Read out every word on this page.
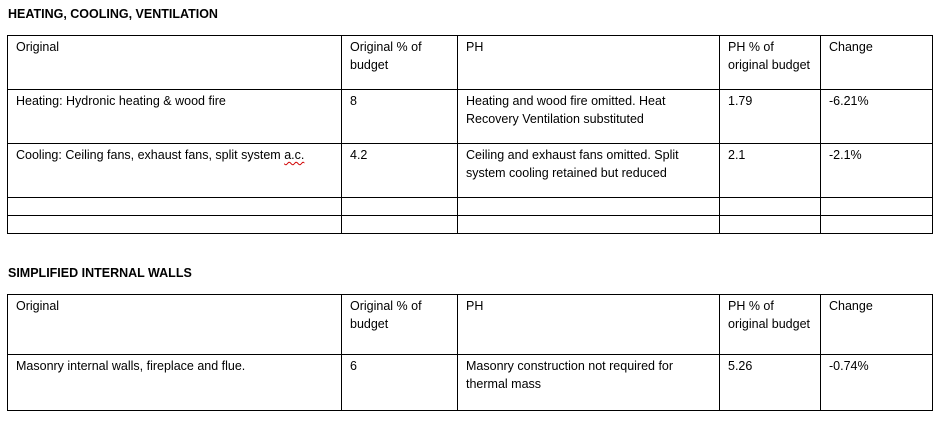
HEATING, COOLING, VENTILATION
Original	Original % of budget	PH	PH % of original budget	Change
Heating: Hydronic heating & wood fire	8	Heating and wood fire omitted. Heat Recovery Ventilation substituted	1.79	-6.21%
Cooling: Ceiling fans, exhaust fans, split system a.c.	4.2	Ceiling and exhaust fans omitted. Split system cooling retained but reduced	2.1	-2.1%

SIMPLIFIED INTERNAL WALLS
Original	Original % of budget	PH	PH % of original budget	Change
Masonry internal walls, fireplace and flue.	6	Masonry construction not required for thermal mass	5.26	-0.74%
